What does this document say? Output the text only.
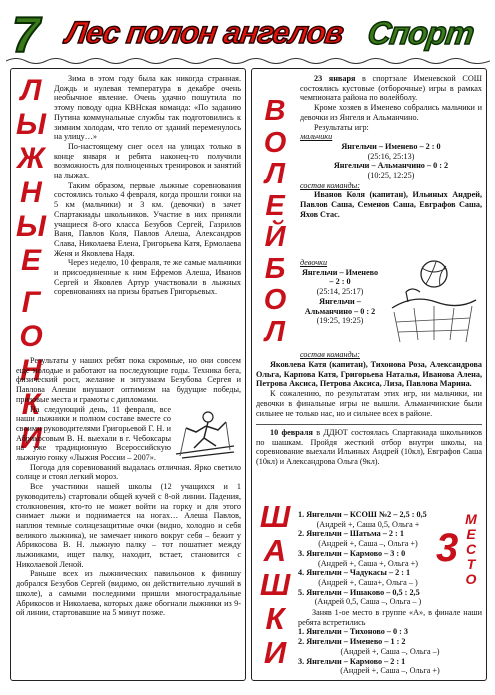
7 Лес полон ангелов Спорт
Л
Ы
Ж
Н
Ы
Е
Г
О
Н
К
И

Зима в этом году была как никогда странная. Дождь и нулевая температура в декабре очень необычное явление. Очень удачно пошутила по этому поводу одна КВНская команда: «По заданию Путина коммунальные службы так подготовились к зимним холодам, что тепло от зданий переменулось на улицу…»

По-настоящему снег осел на улицах только в конце января и ребята наконец-то получили возможность для полноценных тренировок и занятий на лыжах.

Таким образом, первые лыжные соревнования состоялись только 4 февраля, когда прошли гонки на 5 км (мальчики) и 3 км. (девочки) в зачет Спартакиады школьников. Участие в них приняли учащиеся 8-ого класса Безубов Сергей, Газрилов Ваня, Павлов Коля, Павлов Алеша, Александров Слава, Николаева Елена, Григорьева Катя, Ермолаева Женя и Яковлева Надя.

Через неделю, 10 февраля, те же самые мальчики и присоединенные к ним Ефремов Алеша, Иванов Сергей и Яковлев Артур участвовали в лыжных соревнованиях на призы братьев Григорьевых.

Результаты у наших ребят пока скромные, но они совсем еще молодые и работают на последующие годы. Техника бега, физический рост, желание и энтузиазм Безубова Сергея и Павлова Алеши внушают оптимизм на будущие победы, призовые места и грамоты с дипломами.

На следующий день, 11 февраля, все наши лыжники и полном составе вместе со своими руководителями Григорьевой Г. Н. и Абрикосовым В. Н. выехали в г. Чебоксары на уже традиционную Всероссийскую лыжную гонку «Лыжня России – 2007».

Погода для соревнований выдалась отличная. Ярко светило солнце и стоял легкий мороз.

Все участники нашей школы (12 учащихся и 1 руководитель) стартовали общей кучей с 8-ой линии. Падения, столкновения, кто-то не может войти на горку и для этого снимает лыжи и поднимается на ногах… Алеша Павлов, наплюя темные солнцезащитные очки (видно, холодно и себя великого лыжника), не замечает никого вокруг себя – бежит у Абрикосова В. Н. лыжную палку – тот пошатнет между лыжниками, ищет палку, находит, встает, становится с Николаевой Леной.

Раньше всех из лыжнических павильонов к финишу добрался Безубов Сергей (видимо, он действительно лучший в школе), а самыми последними пришли многострадальные Абрикосов и Николаева, которых даже обогнали лыжники из 9-ой линии, стартовавшие на 5 минут позже.

В
О
Л
Е
Й
Б
О
Л

23 января в спортзале Именевской СОШ состоялись кустовые (отборочные) игры в рамках чемпионата района по волейболу.

Кроме хозяев в Именево собрались мальчики и девочки из Янгеля и Альманчино.

Результаты игр:

мальчики
Янгельчи – Именево – 2 : 0
(25:16, 25:13)
Янгельчи – Альманчино – 0 : 2
(10:25, 12:25)
состав команды:

Иванов Коля (капитан), Ильиных Андрей, Павлов Саша, Семенов Саша, Евграфов Саша, Яхов Стас.

девочки
Янгельчи – Именево – 2 : 0
(25:14, 25:17)
Янгельчи – Альманчино – 0 : 2
(19:25, 19:25)
состав команды:

Яковлева Катя (капитан), Тихонова Роза, Александрова Ольга, Карпова Катя, Григорьева Наталья, Иванова Алена, Петрова Аксиса, Петрова Аксиса, Лиза, Павлова Марина.

К сожалению, по результатам этих игр, ни мальчики, ни девочки в финальные игры не вышли. Альманчинские были сильнее не только нас, но и сильнее всех в районе.

10 февраля в ДДЮТ состоялась Спартакиада школьников по шашкам. Пройдя жесткий отбор внутри школы, на соревнование выехали Ильиных Андрей (10кл), Евграфов Саша (10кл) и Александрова Ольга (9кл).

Ш
А
Ш
К
И
3
М
Е
С
Т
О
1. Янгельчи – КСОШ №2 – 2,5 : 0,5
(Андрей +, Саша 0,5, Ольга +
2. Янгельчи – Шатьма – 2 : 1
(Андрей +, Саша –, Ольга +)
3. Янгельчи – Кармово – 3 : 0
(Андрей +, Саша +, Ольга +)
4. Янгельчи – Чадукасы – 2 : 1
(Андрей +, Саша+, Ольга – )
5. Янгельчи – Ишаково – 0,5 : 2,5
(Андрей 0,5, Саша –, Ольга – )

Заняв 1-ое место в группе «А», в финале наши ребята встретились

1. Янгельчи – Тихоново – 0 : 3
2. Янгельчи – Именево – 1 : 2
(Андрей +, Саша –, Ольга –)
3. Янгельчи – Кармово – 2 : 1
(Андрей +, Саша –, Ольга +)
